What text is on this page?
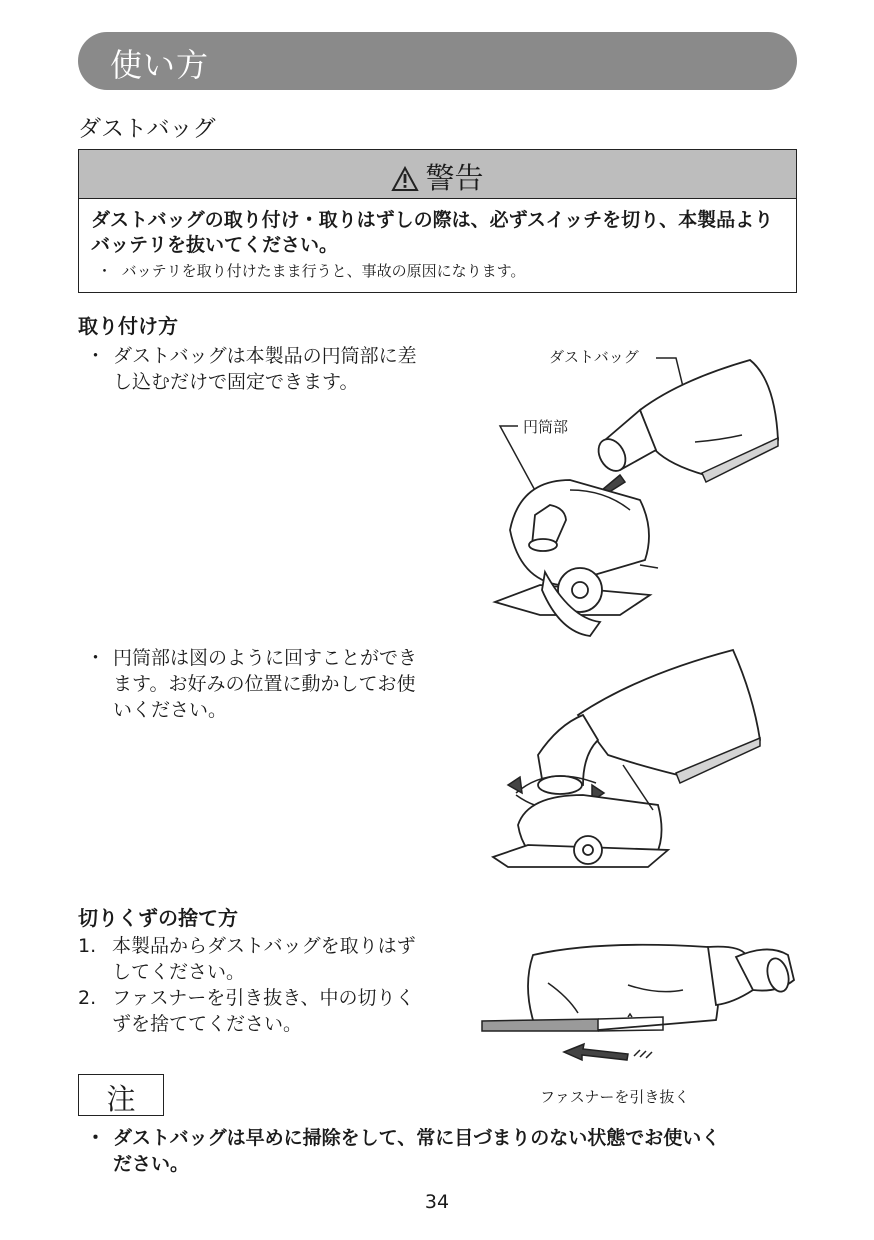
使い方
ダストバッグ
警告
ダストバッグの取り付け・取りはずしの際は、必ずスイッチを切り、本製品よりバッテリを抜いてください。
・ バッテリを取り付けたまま行うと、事故の原因になります。
取り付け方
・ ダストバッグは本製品の円筒部に差
し込むだけで固定できます。
・ 円筒部は図のように回すことができ
ます。お好みの位置に動かしてお使
いください。
ダストバッグ
円筒部
切りくずの捨て方
1. 本製品からダストバッグを取りはず
してください。
2. ファスナーを引き抜き、中の切りく
ずを捨ててください。
ファスナーを引き抜く
注
・ ダストバッグは早めに掃除をして、常に目づまりのない状態でお使いく
ださい。
34
